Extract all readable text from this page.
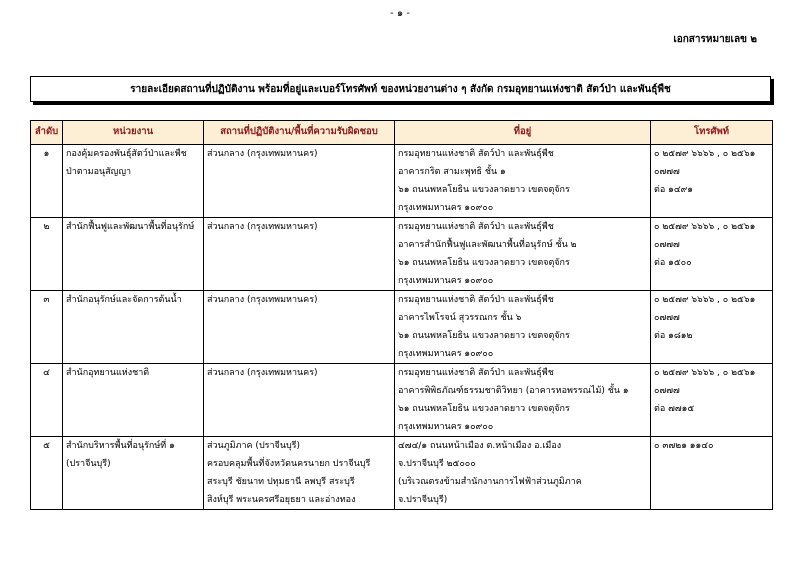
- ๑ -
เอกสารหมายเลข ๒
รายละเอียดสถานที่ปฏิบัติงาน พร้อมที่อยู่และเบอร์โทรศัพท์ ของหน่วยงานต่าง ๆ สังกัด กรมอุทยานแห่งชาติ สัตว์ป่า และพันธุ์พืช
ลำดับ	หน่วยงาน	สถานที่ปฏิบัติงาน/พื้นที่ความรับผิดชอบ	ที่อยู่	โทรศัพท์
๑	กองคุ้มครองพันธุ์สัตว์ป่าและพืช
ป่าตามอนุสัญญา	ส่วนกลาง (กรุงเทพมหานคร)	กรมอุทยานแห่งชาติ สัตว์ป่า และพันธุ์พืช
อาคารกริต สามะพุทธิ ชั้น ๑
๖๑ ถนนพหลโยธิน แขวงลาดยาว เขตจตุจักร
กรุงเทพมหานคร ๑๐๙๐๐	๐ ๒๕๗๙ ๖๖๖๖ , ๐ ๒๕๖๑
๐๗๗๗
ต่อ ๑๔๙๑

๒	สำนักฟื้นฟูและพัฒนาพื้นที่อนุรักษ์	ส่วนกลาง (กรุงเทพมหานคร)	กรมอุทยานแห่งชาติ สัตว์ป่า และพันธุ์พืช
อาคารสำนักฟื้นฟูและพัฒนาพื้นที่อนุรักษ์ ชั้น ๒
๖๑ ถนนพหลโยธิน แขวงลาดยาว เขตจตุจักร
กรุงเทพมหานคร ๑๐๙๐๐	๐ ๒๕๗๙ ๖๖๖๖ , ๐ ๒๕๖๑
๐๗๗๗
ต่อ ๑๕๐๐

๓	สำนักอนุรักษ์และจัดการต้นน้ำ	ส่วนกลาง (กรุงเทพมหานคร)	กรมอุทยานแห่งชาติ สัตว์ป่า และพันธุ์พืช
อาคารไพโรจน์ สุวรรณกร ชั้น ๖
๖๑ ถนนพหลโยธิน แขวงลาดยาว เขตจตุจักร
กรุงเทพมหานคร ๑๐๙๐๐	๐ ๒๕๗๙ ๖๖๖๖ , ๐ ๒๕๖๑
๐๗๗๗
ต่อ ๑๘๑๒

๔	สำนักอุทยานแห่งชาติ	ส่วนกลาง (กรุงเทพมหานคร)	กรมอุทยานแห่งชาติ สัตว์ป่า และพันธุ์พืช
อาคารพิพิธภัณฑ์ธรรมชาติวิทยา (อาคารหอพรรณไม้) ชั้น ๑
๖๑ ถนนพหลโยธิน แขวงลาดยาว เขตจตุจักร
กรุงเทพมหานคร ๑๐๙๐๐	๐ ๒๕๗๙ ๖๖๖๖ , ๐ ๒๕๖๑
๐๗๗๗
ต่อ ๗๗๑๕

๕	สำนักบริหารพื้นที่อนุรักษ์ที่ ๑
(ปราจีนบุรี)	ส่วนภูมิภาค (ปราจีนบุรี)
ครอบคลุมพื้นที่จังหวัดนครนายก ปราจีนบุรี
สระบุรี ชัยนาท ปทุมธานี ลพบุรี สระบุรี
สิงห์บุรี พระนครศรีอยุธยา และอ่างทอง	๔๗๔/๑ ถนนหน้าเมือง ต.หน้าเมือง อ.เมือง
จ.ปราจีนบุรี ๒๕๐๐๐
(บริเวณตรงข้ามสำนักงานการไฟฟ้าส่วนภูมิภาค
จ.ปราจีนบุรี)	๐ ๓๗๒๑ ๑๑๔๐
